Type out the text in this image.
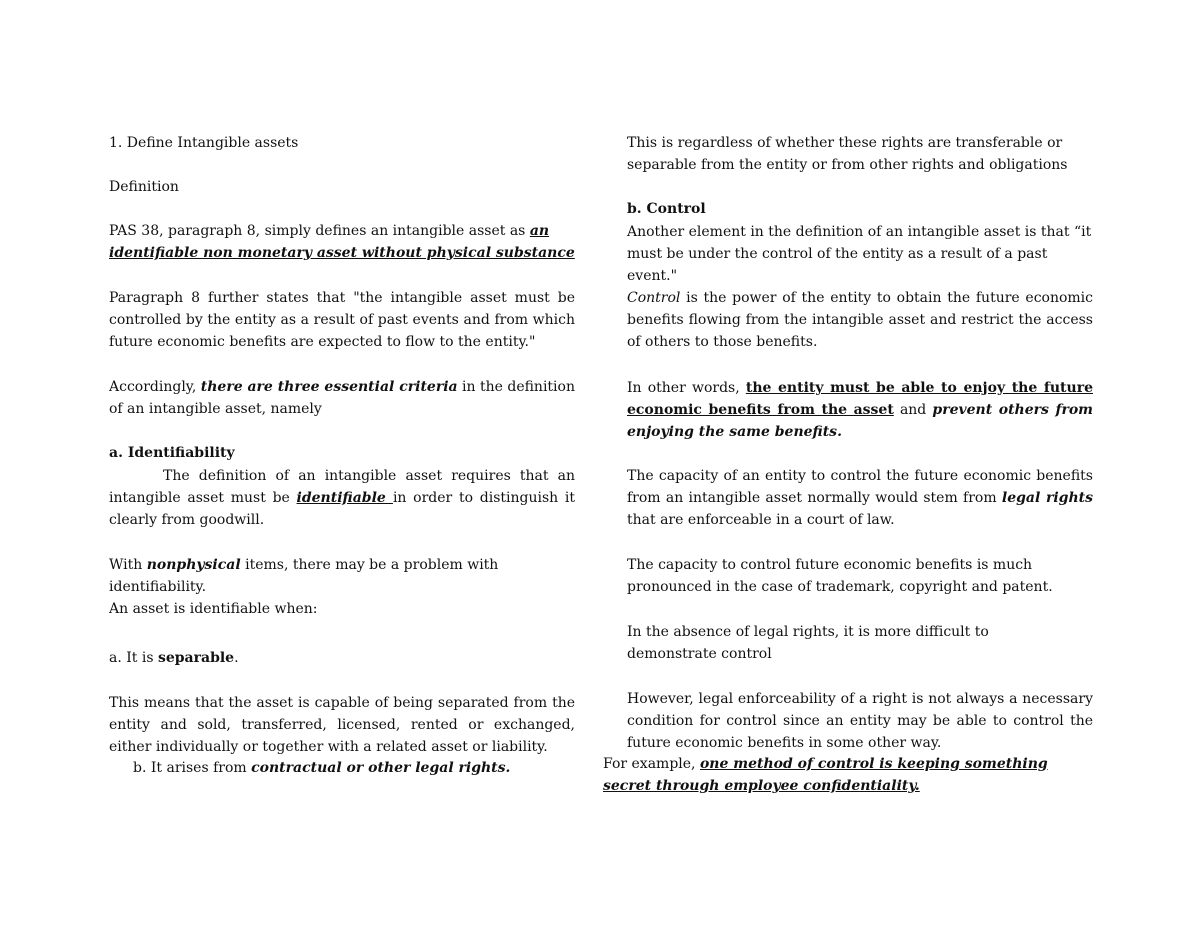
1. Define Intangible assets

Definition

PAS 38, paragraph 8, simply defines an intangible asset as an identifiable non monetary asset without physical substance

Paragraph 8 further states that "the intangible asset must be controlled by the entity as a result of past events and from which future economic benefits are expected to flow to the entity."

Accordingly, there are three essential criteria in the definition of an intangible asset, namely

a. Identifiability

The definition of an intangible asset requires that an intangible asset must be identifiable in order to distinguish it clearly from goodwill.

With nonphysical items, there may be a problem with identifiability.

An asset is identifiable when:

a. It is separable.

This means that the asset is capable of being separated from the entity and sold, transferred, licensed, rented or exchanged, either individually or together with a related asset or liability.

b. It arises from contractual or other legal rights.

This is regardless of whether these rights are transferable or separable from the entity or from other rights and obligations

b. Control

Another element in the definition of an intangible asset is that “it must be under the control of the entity as a result of a past event."

Control is the power of the entity to obtain the future economic benefits flowing from the intangible asset and restrict the access of others to those benefits.

In other words, the entity must be able to enjoy the future economic benefits from the asset and prevent others from enjoying the same benefits.

The capacity of an entity to control the future economic benefits from an intangible asset normally would stem from legal rights that are enforceable in a court of law.

The capacity to control future economic benefits is much pronounced in the case of trademark, copyright and patent.

In the absence of legal rights, it is more difficult to demonstrate control

However, legal enforceability of a right is not always a necessary condition for control since an entity may be able to control the future economic benefits in some other way.

For example, one method of control is keeping something secret through employee confidentiality.
